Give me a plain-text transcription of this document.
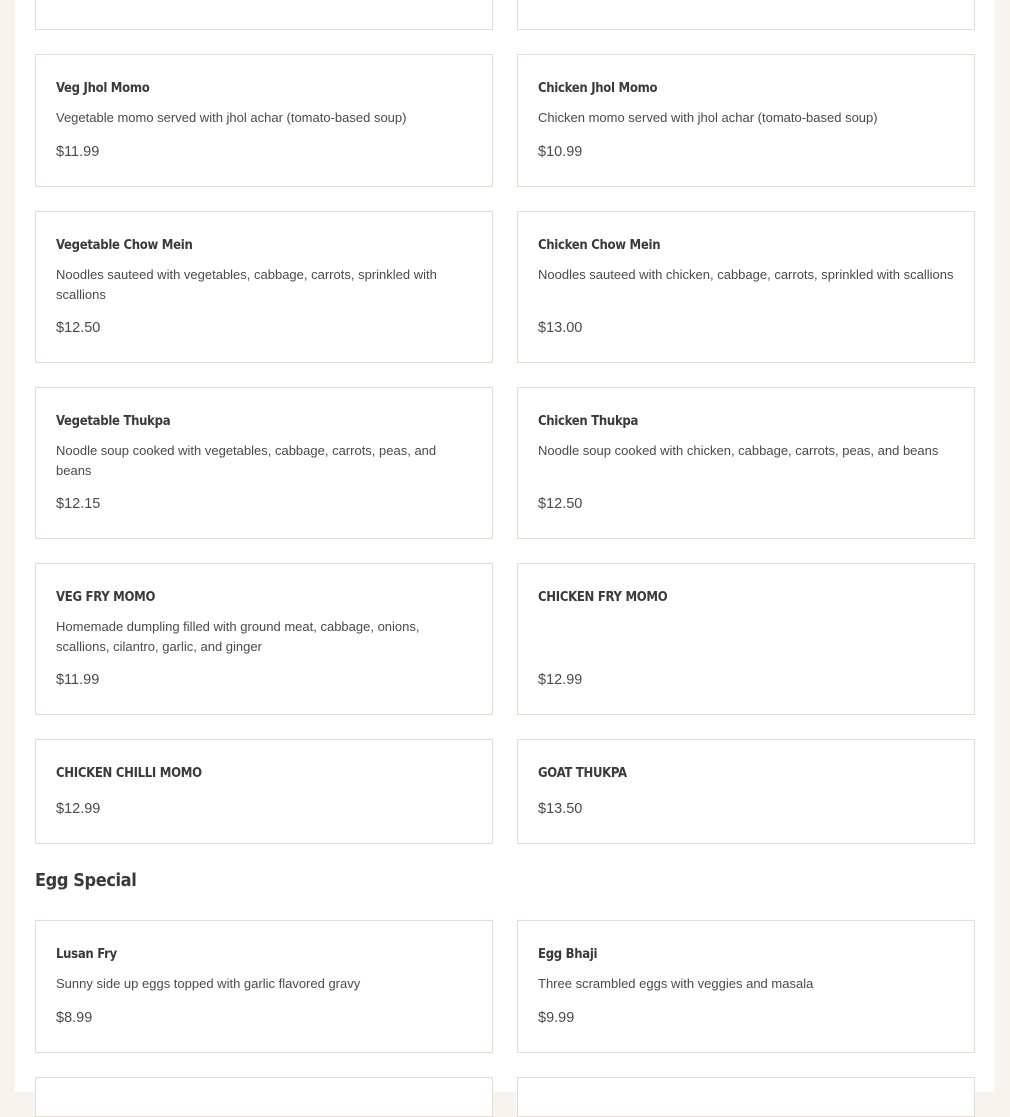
Veg Jhol Momo
Vegetable momo served with jhol achar (tomato-based soup)
$11.99
Chicken Jhol Momo
Chicken momo served with jhol achar (tomato-based soup)
$10.99
Vegetable Chow Mein
Noodles sauteed with vegetables, cabbage, carrots, sprinkled with scallions
$12.50
Chicken Chow Mein
Noodles sauteed with chicken, cabbage, carrots, sprinkled with scallions
$13.00
Vegetable Thukpa
Noodle soup cooked with vegetables, cabbage, carrots, peas, and beans
$12.15
Chicken Thukpa
Noodle soup cooked with chicken, cabbage, carrots, peas, and beans
$12.50
VEG FRY MOMO
Homemade dumpling filled with ground meat, cabbage, onions, scallions, cilantro, garlic, and ginger
$11.99
CHICKEN FRY MOMO
$12.99
CHICKEN CHILLI MOMO
$12.99
GOAT THUKPA
$13.50
Egg Special
Lusan Fry
Sunny side up eggs topped with garlic flavored gravy
$8.99
Egg Bhaji
Three scrambled eggs with veggies and masala
$9.99
